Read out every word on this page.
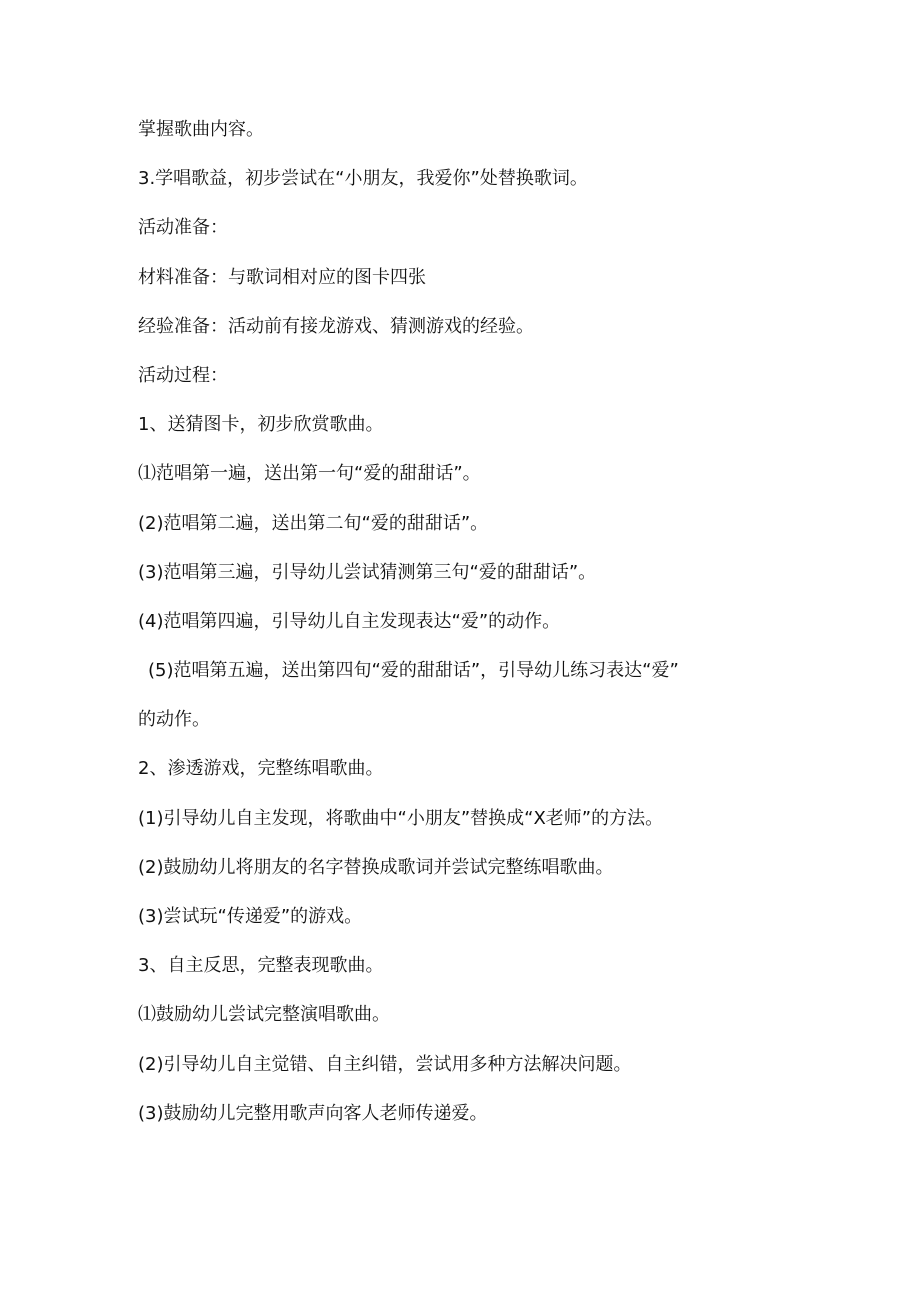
掌握歌曲内容。
3.学唱歌益，初步尝试在“小朋友，我爱你”处替换歌词。
活动准备：
材料准备：与歌词相对应的图卡四张
经验准备：活动前有接龙游戏、猜测游戏的经验。
活动过程：
1、送猜图卡，初步欣赏歌曲。
⑴范唱第一遍，送出第一句“爱的甜甜话”。
(2)范唱第二遍，送出第二旬“爱的甜甜话”。
(3)范唱第三遍，引导幼儿尝试猜测第三句“爱的甜甜话”。
(4)范唱第四遍，引导幼儿自主发现表达“爱”的动作。
(5)范唱第五遍，送出第四旬“爱的甜甜话”，引导幼儿练习表达“爱”
的动作。
2、渗透游戏，完整练唱歌曲。
(1)引导幼儿自主发现，将歌曲中“小朋友”替换成“X老师”的方法。
(2)鼓励幼儿将朋友的名字替换成歌词并尝试完整练唱歌曲。
(3)尝试玩“传递爱”的游戏。
3、自主反思，完整表现歌曲。
⑴鼓励幼儿尝试完整演唱歌曲。
(2)引导幼儿自主觉错、自主纠错，尝试用多种方法解决问题。
(3)鼓励幼儿完整用歌声向客人老师传递爱。
